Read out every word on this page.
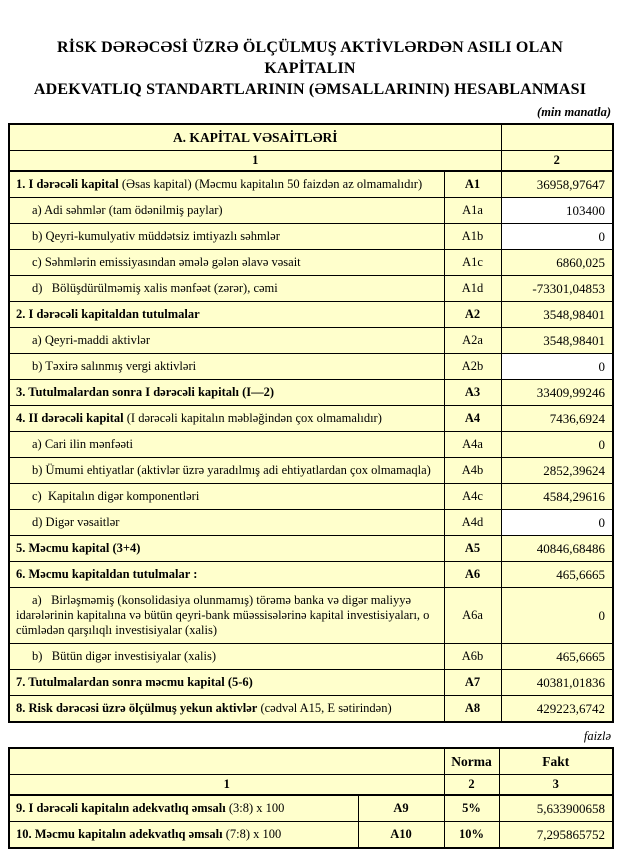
RİSK DƏRƏCƏSİ ÜZRƏ ÖLÇÜLMUŞ AKTİVLƏRDƏN ASILI OLAN KAPİTALIN
ADEKVATLIQ STANDARTLARININ (ƏMSALLARININ) HESABLANMASI
(min manatla)
A. KAPİTAL VƏSAİTLƏRİ		
1		2
1. I dərəcəli kapital (Əsas kapital) (Məcmu kapitalın 50 faizdən az olmamalıdır)	A1	36958,97647
a) Adi səhmlər (tam ödənilmiş paylar)	A1a	103400
b) Qeyri-kumulyativ müddətsiz imtiyazlı səhmlər	A1b	0
c) Səhmlərin emissiyasından əmələ gələn əlavə vəsait	A1c	6860,025
d)   Bölüşdürülməmiş xalis mənfəət (zərər), cəmi	A1d	-73301,04853
2. I dərəcəli kapitaldan tutulmalar	A2	3548,98401
a) Qeyri-maddi aktivlər	A2a	3548,98401
b) Təxirə salınmış vergi aktivləri	A2b	0
3. Tutulmalardan sonra I dərəcəli kapitalı (I—2)	A3	33409,99246
4. II dərəcəli kapital (I dərəcəli kapitalın məbləğindən çox olmamalıdır)	A4	7436,6924
a) Cari ilin mənfəəti	A4a	0
b) Ümumi ehtiyatlar (aktivlər üzrə yaradılmış adi ehtiyatlardan çox olmamaqla)	A4b	2852,39624
c)  Kapitalın digər komponentləri	A4c	4584,29616
d) Digər vəsaitlər	A4d	0
5. Məcmu kapital (3+4)	A5	40846,68486
6. Məcmu kapitaldan tutulmalar :	A6	465,6665
a)   Birləşməmiş (konsolidasiya olunmamış) törəmə banka və digər maliyyə idarələrinin kapitalına və bütün qeyri-bank müəssisələrinə kapital investisiyaları, o cümlədən qarşılıqlı investisiyalar (xalis)	A6a	0
b)   Bütün digər investisiyalar (xalis)	A6b	465,6665
7. Tutulmalardan sonra məcmu kapital (5-6)	A7	40381,01836
8. Risk dərəcəsi üzrə ölçülmuş yekun aktivlər (cədvəl A15, E sətirindən)	A8	429223,6742
faizlə
		Norma	Fakt
1		2	3
9. I dərəcəli kapitalın adekvatlıq əmsalı (3:8) x 100	A9	5%	5,633900658
10. Məcmu kapitalın adekvatlıq əmsalı (7:8) x 100	A10	10%	7,295865752
